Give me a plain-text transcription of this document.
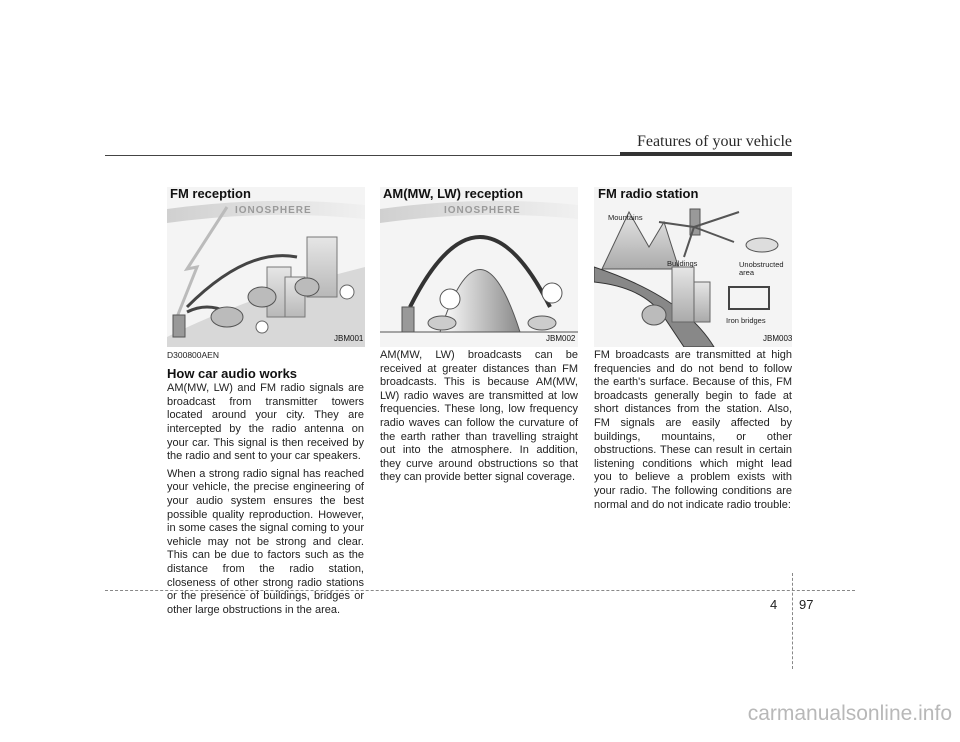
Features of your vehicle
IONOSPHERE
FM reception
JBM001
IONOSPHERE
AM(MW, LW) reception
JBM002
Mountains
Buildings	Unobstructed
area
Iron bridges
FM radio station
JBM003
D300800AEN
How car audio works

AM(MW, LW) and FM radio signals are broadcast from transmitter towers located around your city. They are intercepted by the radio antenna on your car. This signal is then received by the radio and sent to your car speakers.

When a strong radio signal has reached your vehicle, the precise engineering of your audio system ensures the best possible quality reproduction. However, in some cases the signal coming to your vehicle may not be strong and clear. This can be due to factors such as the distance from the radio station, closeness of other strong radio stations or the presence of buildings, bridges or other large obstructions in the area.

AM(MW, LW) broadcasts can be received at greater distances than FM broadcasts. This is because AM(MW, LW) radio waves are transmitted at low frequencies. These long, low frequency radio waves can follow the curvature of the earth rather than travelling straight out into the atmosphere. In addition, they curve around obstructions so that they can provide better signal coverage.

FM broadcasts are transmitted at high frequencies and do not bend to follow the earth's surface. Because of this, FM broadcasts generally begin to fade at short distances from the station. Also, FM signals are easily affected by buildings, mountains, or other obstructions. These can result in certain listening conditions which might lead you to believe a problem exists with your radio. The following conditions are normal and do not indicate radio trouble:

4 97
carmanualsonline.info
